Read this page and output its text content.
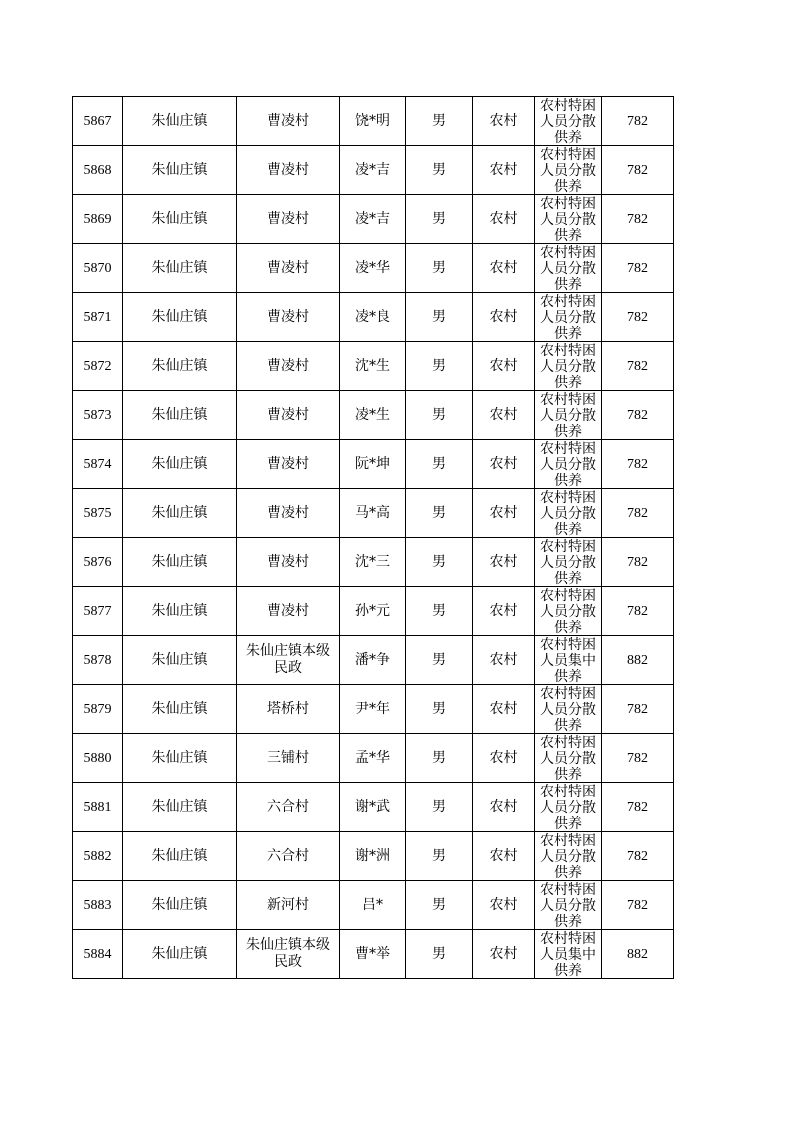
5867	朱仙庄镇	曹凌村	饶*明	男	农村	农村特困人员分散供养	782
5868	朱仙庄镇	曹凌村	凌*吉	男	农村	农村特困人员分散供养	782
5869	朱仙庄镇	曹凌村	凌*吉	男	农村	农村特困人员分散供养	782
5870	朱仙庄镇	曹凌村	凌*华	男	农村	农村特困人员分散供养	782
5871	朱仙庄镇	曹凌村	凌*良	男	农村	农村特困人员分散供养	782
5872	朱仙庄镇	曹凌村	沈*生	男	农村	农村特困人员分散供养	782
5873	朱仙庄镇	曹凌村	凌*生	男	农村	农村特困人员分散供养	782
5874	朱仙庄镇	曹凌村	阮*坤	男	农村	农村特困人员分散供养	782
5875	朱仙庄镇	曹凌村	马*高	男	农村	农村特困人员分散供养	782
5876	朱仙庄镇	曹凌村	沈*三	男	农村	农村特困人员分散供养	782
5877	朱仙庄镇	曹凌村	孙*元	男	农村	农村特困人员分散供养	782
5878	朱仙庄镇	朱仙庄镇本级民政	潘*争	男	农村	农村特困人员集中供养	882
5879	朱仙庄镇	塔桥村	尹*年	男	农村	农村特困人员分散供养	782
5880	朱仙庄镇	三铺村	孟*华	男	农村	农村特困人员分散供养	782
5881	朱仙庄镇	六合村	谢*武	男	农村	农村特困人员分散供养	782
5882	朱仙庄镇	六合村	谢*洲	男	农村	农村特困人员分散供养	782
5883	朱仙庄镇	新河村	吕*	男	农村	农村特困人员分散供养	782
5884	朱仙庄镇	朱仙庄镇本级民政	曹*举	男	农村	农村特困人员集中供养	882
